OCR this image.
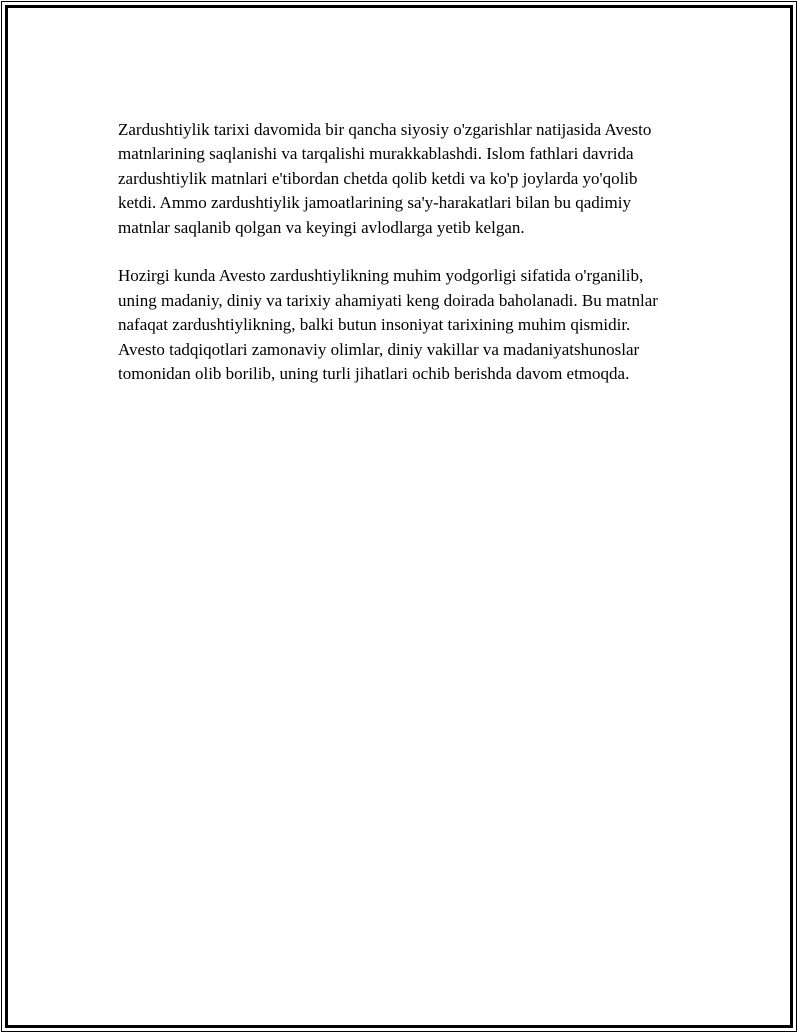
Zardushtiylik tarixi davomida bir qancha siyosiy o'zgarishlar natijasida Avesto matnlarining saqlanishi va tarqalishi murakkablashdi. Islom fathlari davrida zardushtiylik matnlari e'tibordan chetda qolib ketdi va ko'p joylarda yo'qolib ketdi. Ammo zardushtiylik jamoatlarining sa'y-harakatlari bilan bu qadimiy matnlar saqlanib qolgan va keyingi avlodlarga yetib kelgan.

Hozirgi kunda Avesto zardushtiylikning muhim yodgorligi sifatida o'rganilib, uning madaniy, diniy va tarixiy ahamiyati keng doirada baholanadi. Bu matnlar nafaqat zardushtiylikning, balki butun insoniyat tarixining muhim qismidir. Avesto tadqiqotlari zamonaviy olimlar, diniy vakillar va madaniyatshunoslar tomonidan olib borilib, uning turli jihatlari ochib berishda davom etmoqda.
